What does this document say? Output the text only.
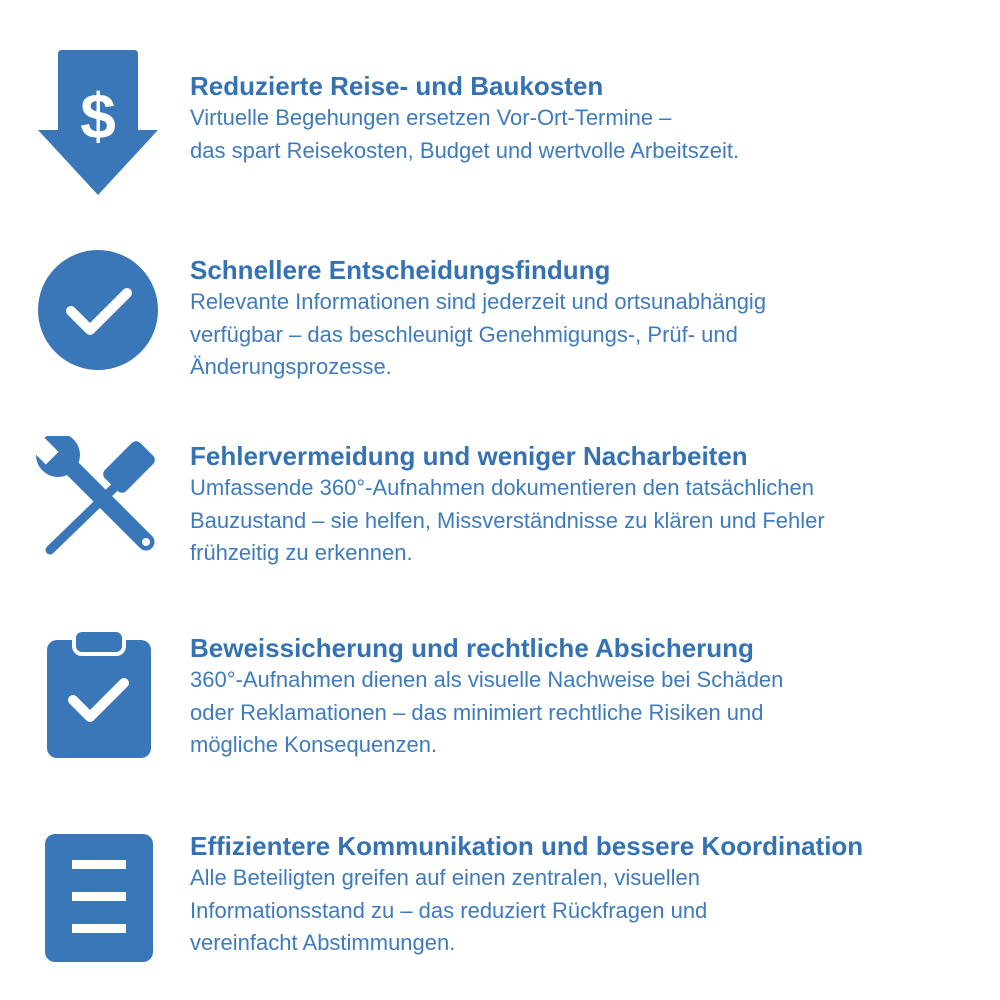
$	Reduzierte Reise- und Baukosten
Virtuelle Begehungen ersetzen Vor-Ort-Termine –
das spart Reisekosten, Budget und wertvolle Arbeitszeit.
Schnellere Entscheidungsfindung
Relevante Informationen sind jederzeit und ortsunabhängig
verfügbar – das beschleunigt Genehmigungs-, Prüf- und
Änderungsprozesse.
Fehlervermeidung und weniger Nacharbeiten
Umfassende 360°-Aufnahmen dokumentieren den tatsächlichen
Bauzustand – sie helfen, Missverständnisse zu klären und Fehler
frühzeitig zu erkennen.
Beweissicherung und rechtliche Absicherung
360°-Aufnahmen dienen als visuelle Nachweise bei Schäden
oder Reklamationen – das minimiert rechtliche Risiken und
mögliche Konsequenzen.
Effizientere Kommunikation und bessere Koordination
Alle Beteiligten greifen auf einen zentralen, visuellen
Informationsstand zu – das reduziert Rückfragen und
vereinfacht Abstimmungen.
